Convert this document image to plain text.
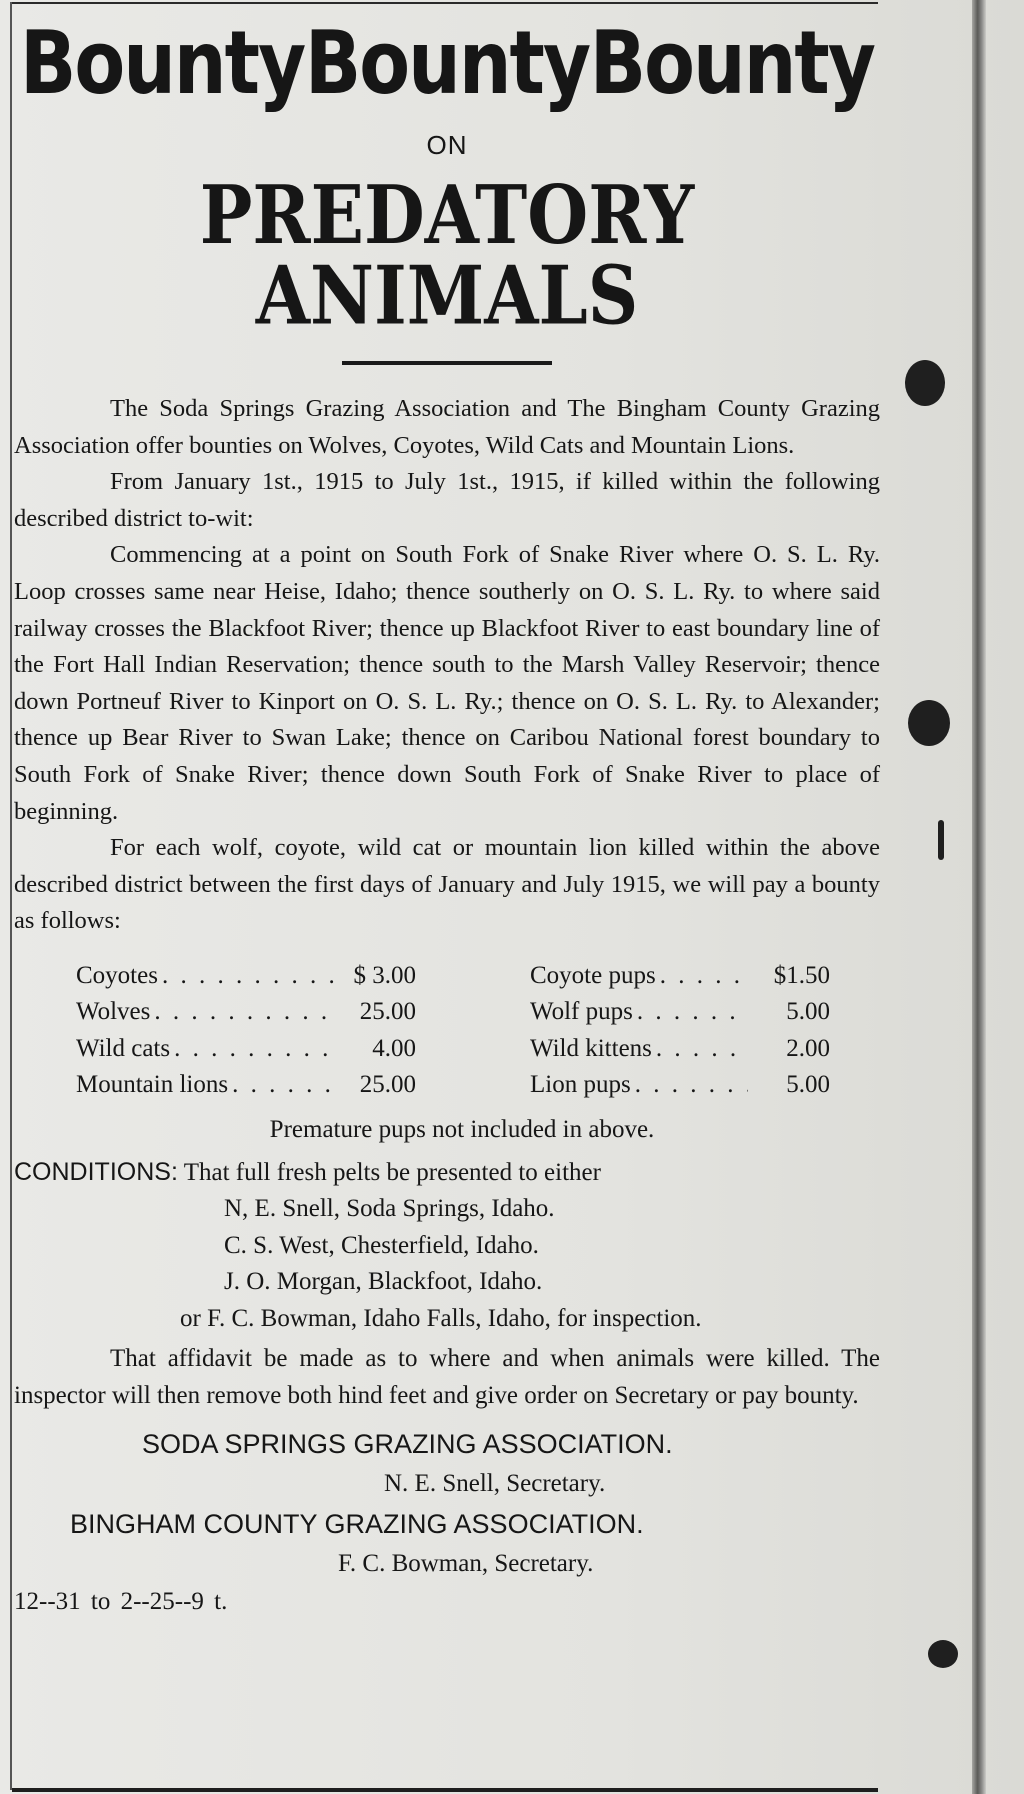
Bounty Bounty Bounty
ON
PREDATORY ANIMALS

The Soda Springs Grazing Association and The Bingham County Grazing Association offer bounties on Wolves, Coyotes, Wild Cats and Mountain Lions.

From January 1st., 1915 to July 1st., 1915, if killed within the following described district to-wit:

Commencing at a point on South Fork of Snake River where O. S. L. Ry. Loop crosses same near Heise, Idaho; thence southerly on O. S. L. Ry. to where said railway crosses the Blackfoot River; thence up Blackfoot River to east boundary line of the Fort Hall Indian Reservation; thence south to the Marsh Valley Reservoir; thence down Portneuf River to Kinport on O. S. L. Ry.; thence on O. S. L. Ry. to Alexander; thence up Bear River to Swan Lake; thence on Caribou National forest boundary to South Fork of Snake River; thence down South Fork of Snake River to place of beginning.

For each wolf, coyote, wild cat or mountain lion killed within the above described district between the first days of January and July 1915, we will pay a bounty as follows:

Coyotes . . .	$ 3.00
Wolves . . .	25.00
Wild cats . . .	4.00
Mountain lions . . .	25.00
Coyote pups . . .	$1.50
Wolf pups . . .	5.00
Wild kittens . . .	2.00
Lion pups . . .	5.00
Premature pups not included in above.
CONDITIONS: That full fresh pelts be presented to either
N, E. Snell, Soda Springs, Idaho.
C. S. West, Chesterfield, Idaho.
J. O. Morgan, Blackfoot, Idaho.
or F. C. Bowman, Idaho Falls, Idaho, for inspection.

That affidavit be made as to where and when animals were killed. The inspector will then remove both hind feet and give order on Secretary or pay bounty.

SODA SPRINGS GRAZING ASSOCIATION.
N. E. Snell, Secretary.
BINGHAM COUNTY GRAZING ASSOCIATION.
F. C. Bowman, Secretary.
12--31 to 2--25--9 t.
